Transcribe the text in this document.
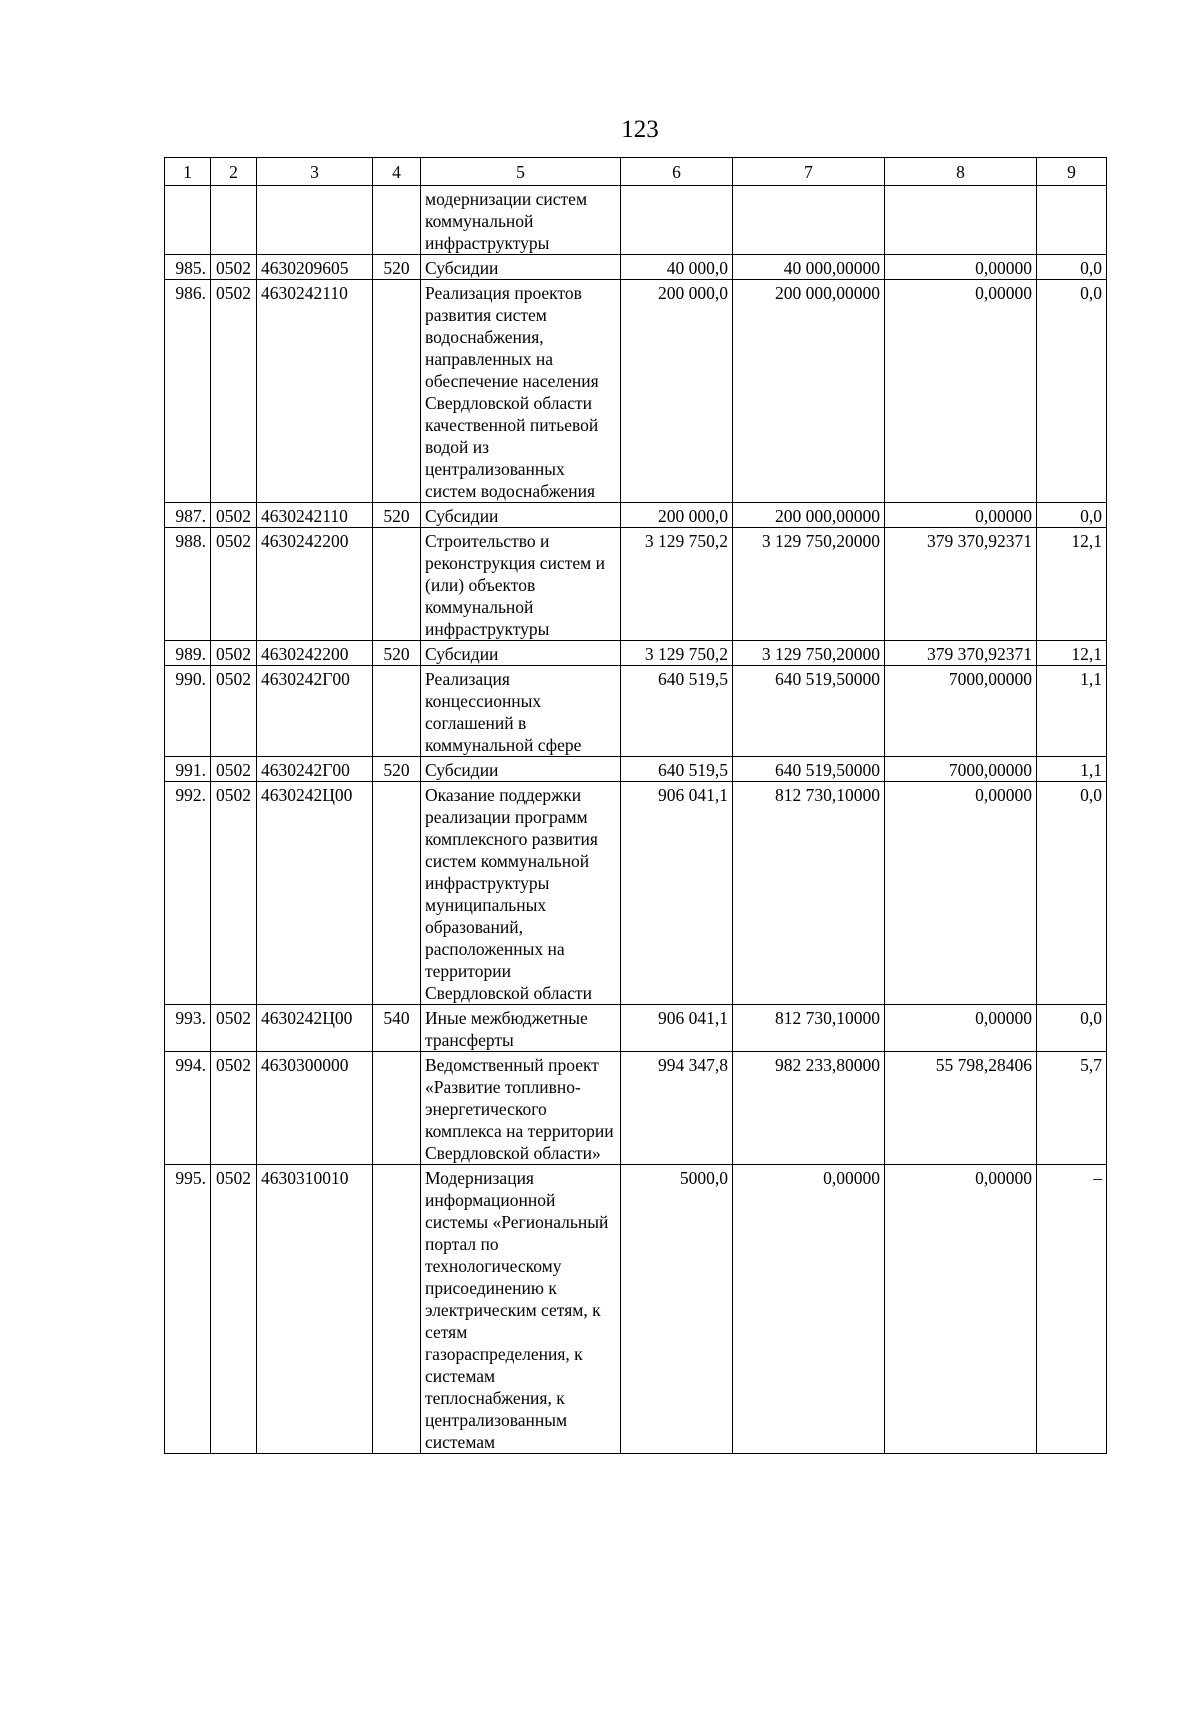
123
1	2	3	4	5	6	7	8	9
				модернизации систем коммунальной инфраструктуры				
985.	0502	4630209605	520	Субсидии	40 000,0	40 000,00000	0,00000	0,0
986.	0502	4630242110		Реализация проектов развития систем водоснабжения, направленных на обеспечение населения Свердловской области качественной питьевой водой из централизованных систем водоснабжения	200 000,0	200 000,00000	0,00000	0,0
987.	0502	4630242110	520	Субсидии	200 000,0	200 000,00000	0,00000	0,0
988.	0502	4630242200		Строительство и реконструкция систем и (или) объектов коммунальной инфраструктуры	3 129 750,2	3 129 750,20000	379 370,92371	12,1
989.	0502	4630242200	520	Субсидии	3 129 750,2	3 129 750,20000	379 370,92371	12,1
990.	0502	4630242Г00		Реализация концессионных соглашений в коммунальной сфере	640 519,5	640 519,50000	7000,00000	1,1
991.	0502	4630242Г00	520	Субсидии	640 519,5	640 519,50000	7000,00000	1,1
992.	0502	4630242Ц00		Оказание поддержки реализации программ комплексного развития систем коммунальной инфраструктуры муниципальных образований, расположенных на территории Свердловской области	906 041,1	812 730,10000	0,00000	0,0
993.	0502	4630242Ц00	540	Иные межбюджетные трансферты	906 041,1	812 730,10000	0,00000	0,0
994.	0502	4630300000		Ведомственный проект «Развитие топливно-энергетического комплекса на территории Свердловской области»	994 347,8	982 233,80000	55 798,28406	5,7
995.	0502	4630310010		Модернизация информационной системы «Региональный портал по технологическому присоединению к электрическим сетям, к сетям газораспределения, к системам теплоснабжения, к централизованным системам	5000,0	0,00000	0,00000	–
